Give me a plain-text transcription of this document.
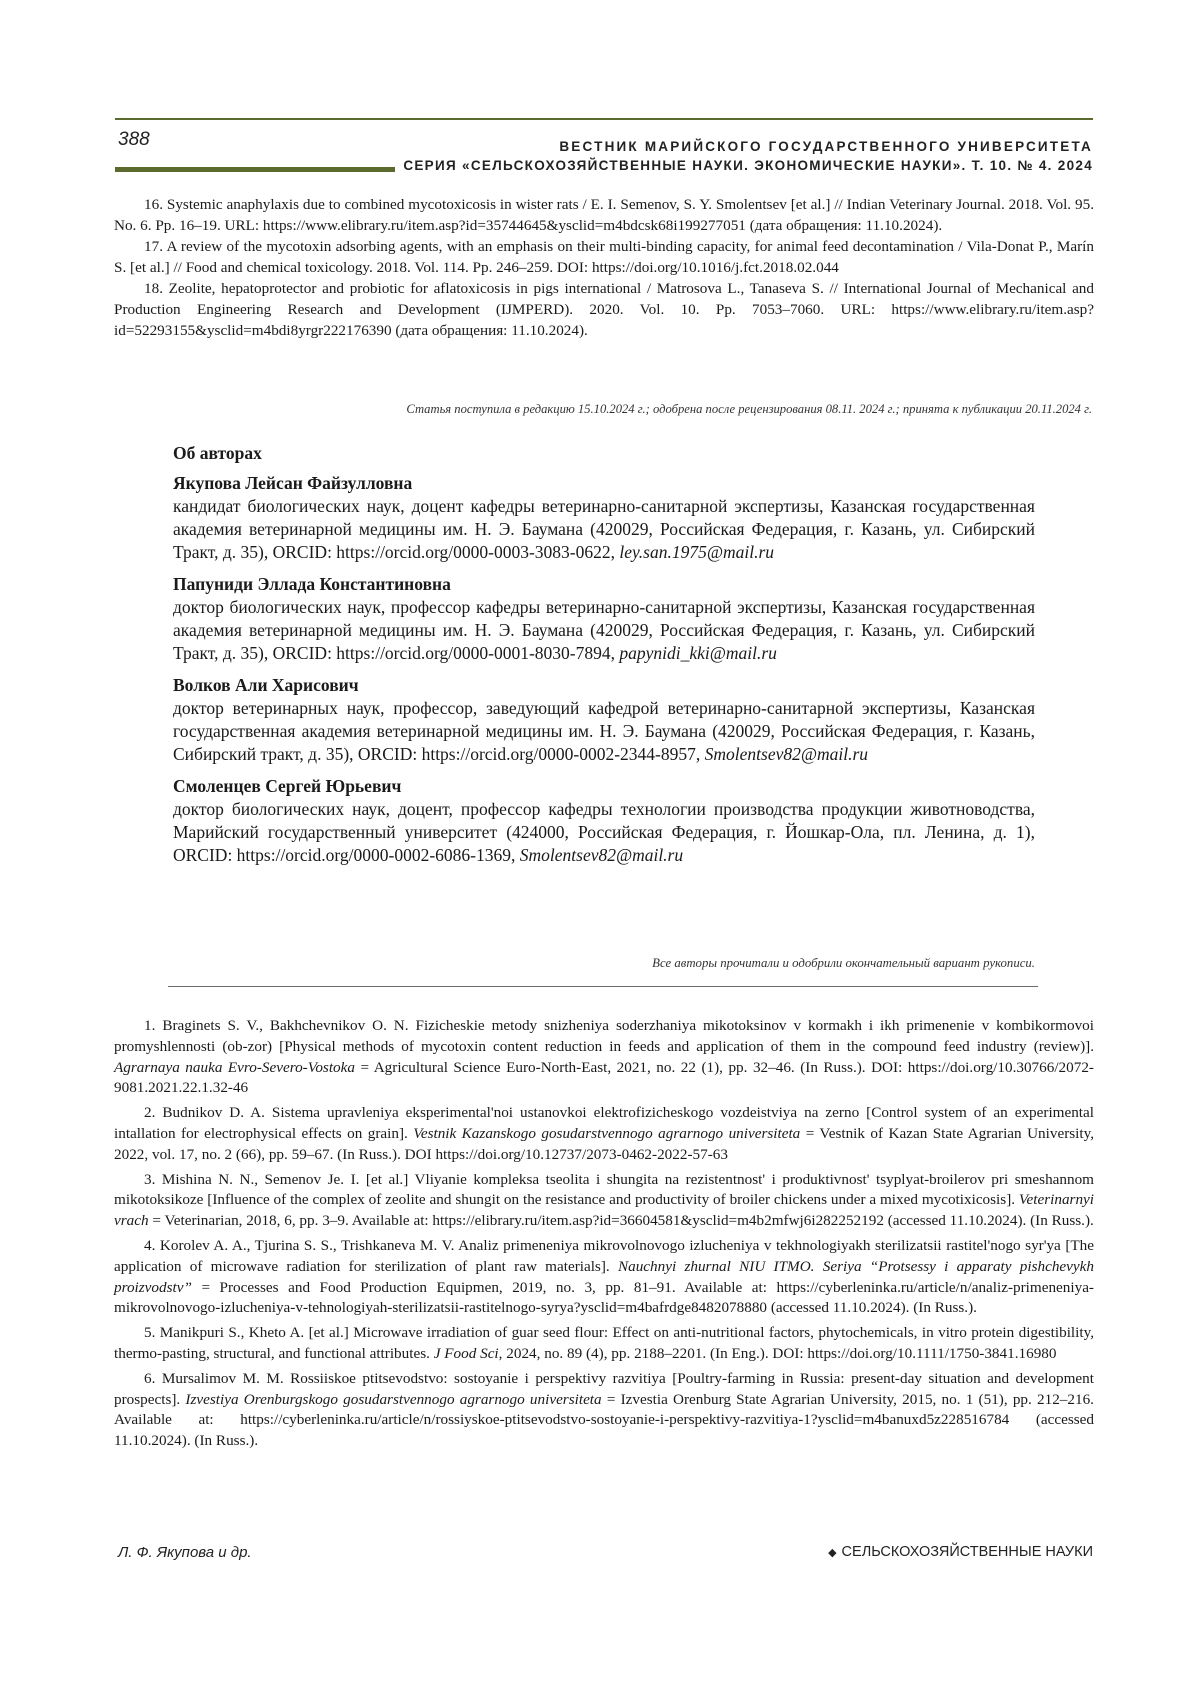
388	ВЕСТНИК МАРИЙСКОГО ГОСУДАРСТВЕННОГО УНИВЕРСИТЕТА
СЕРИЯ «СЕЛЬСКОХОЗЯЙСТВЕННЫЕ НАУКИ. ЭКОНОМИЧЕСКИЕ НАУКИ». Т. 10. № 4. 2024

16. Systemic anaphylaxis due to combined mycotoxicosis in wister rats / E. I. Semenov, S. Y. Smolentsev [et al.] // Indian Veterinary Journal. 2018. Vol. 95. No. 6. Pp. 16–19. URL: https://www.elibrary.ru/item.asp?id=35744645&ysclid=m4bdcsk68i199277051 (дата обращения: 11.10.2024).

17. A review of the mycotoxin adsorbing agents, with an emphasis on their multi-binding capacity, for animal feed decontamination / Vila-Donat P., Marín S. [et al.] // Food and chemical toxicology. 2018. Vol. 114. Pp. 246–259. DOI: https://doi.org/10.1016/j.fct.2018.02.044

18. Zeolite, hepatoprotector and probiotic for aflatoxicosis in pigs international / Matrosova L., Tanaseva S. // International Journal of Mechanical and Production Engineering Research and Development (IJMPERD). 2020. Vol. 10. Pp. 7053–7060. URL: https://www.elibrary.ru/item.asp?id=52293155&ysclid=m4bdi8yrgr222176390 (дата обращения: 11.10.2024).

Статья поступила в редакцию 15.10.2024 г.; одобрена после рецензирования 08.11. 2024 г.; принята к публикации 20.11.2024 г.
Об авторах
Якупова Лейсан Файзулловна
кандидат биологических наук, доцент кафедры ветеринарно-санитарной экспертизы, Казанская государственная академия ветеринарной медицины им. Н. Э. Баумана (420029, Российская Федерация, г. Казань, ул. Сибирский Тракт, д. 35), ORCID: https://orcid.org/0000-0003-3083-0622, ley.san.1975@mail.ru
Папуниди Эллада Константиновна
доктор биологических наук, профессор кафедры ветеринарно-санитарной экспертизы, Казанская государственная академия ветеринарной медицины им. Н. Э. Баумана (420029, Российская Федерация, г. Казань, ул. Сибирский Тракт, д. 35), ORCID: https://orcid.org/0000-0001-8030-7894, papynidi_kki@mail.ru
Волков Али Харисович
доктор ветеринарных наук, профессор, заведующий кафедрой ветеринарно-санитарной экспертизы, Казанская государственная академия ветеринарной медицины им. Н. Э. Баумана (420029, Российская Федерация, г. Казань, Сибирский тракт, д. 35), ORCID: https://orcid.org/0000-0002-2344-8957, Smolentsev82@mail.ru
Смоленцев Сергей Юрьевич
доктор биологических наук, доцент, профессор кафедры технологии производства продукции животноводства, Марийский государственный университет (424000, Российская Федерация, г. Йошкар-Ола, пл. Ленина, д. 1), ORCID: https://orcid.org/0000-0002-6086-1369, Smolentsev82@mail.ru
Все авторы прочитали и одобрили окончательный вариант рукописи.

1. Braginets S. V., Bakhchevnikov O. N. Fizicheskie metody snizheniya soderzhaniya mikotoksinov v kormakh i ikh primenenie v kombikormovoi promyshlennosti (ob-zor) [Physical methods of mycotoxin content reduction in feeds and application of them in the compound feed industry (review)]. Agrarnaya nauka Evro-Severo-Vostoka = Agricultural Science Euro-North-East, 2021, no. 22 (1), pp. 32–46. (In Russ.). DOI: https://doi.org/10.30766/2072-9081.2021.22.1.32-46

2. Budnikov D. A. Sistema upravleniya eksperimental'noi ustanovkoi elektrofizicheskogo vozdeistviya na zerno [Control system of an experimental intallation for electrophysical effects on grain]. Vestnik Kazanskogo gosudarstvennogo agrarnogo universiteta = Vestnik of Kazan State Agrarian University, 2022, vol. 17, no. 2 (66), pp. 59–67. (In Russ.). DOI https://doi.org/10.12737/2073-0462-2022-57-63

3. Mishina N. N., Semenov Je. I. [et al.] Vliyanie kompleksa tseolita i shungita na rezistentnost' i produktivnost' tsyplyat-broilerov pri smeshannom mikotoksikoze [Influence of the complex of zeolite and shungit on the resistance and productivity of broiler chickens under a mixed mycotixicosis]. Veterinarnyi vrach = Veterinarian, 2018, 6, pp. 3–9. Available at: https://elibrary.ru/item.asp?id=36604581&ysclid=m4b2mfwj6i282252192 (accessed 11.10.2024). (In Russ.).

4. Korolev A. A., Tjurina S. S., Trishkaneva M. V. Analiz primeneniya mikrovolnovogo izlucheniya v tekhnologiyakh sterilizatsii rastitel'nogo syr'ya [The application of microwave radiation for sterilization of plant raw materials]. Nauchnyi zhurnal NIU ITMO. Seriya “Protsessy i apparaty pishchevykh proizvodstv” = Processes and Food Production Equipmen, 2019, no. 3, pp. 81–91. Available at: https://cyberleninka.ru/article/n/analiz-primeneniya-mikrovolnovogo-izlucheniya-v-tehnologiyah-sterilizatsii-rastitelnogo-syrya?ysclid=m4bafrdge8482078880 (accessed 11.10.2024). (In Russ.).

5. Manikpuri S., Kheto A. [et al.] Microwave irradiation of guar seed flour: Effect on anti-nutritional factors, phytochemicals, in vitro protein digestibility, thermo-pasting, structural, and functional attributes. J Food Sci, 2024, no. 89 (4), pp. 2188–2201. (In Eng.). DOI: https://doi.org/10.1111/1750-3841.16980

6. Mursalimov M. M. Rossiiskoe ptitsevodstvo: sostoyanie i perspektivy razvitiya [Poultry-farming in Russia: present-day situation and development prospects]. Izvestiya Orenburgskogo gosudarstvennogo agrarnogo universiteta = Izvestia Orenburg State Agrarian University, 2015, no. 1 (51), pp. 212–216. Available at: https://cyberleninka.ru/article/n/rossiyskoe-ptitsevodstvo-sostoyanie-i-perspektivy-razvitiya-1?ysclid=m4banuxd5z228516784 (accessed 11.10.2024). (In Russ.).

Л. Ф. Якупова и др.	◆ СЕЛЬСКОХОЗЯЙСТВЕННЫЕ НАУКИ
